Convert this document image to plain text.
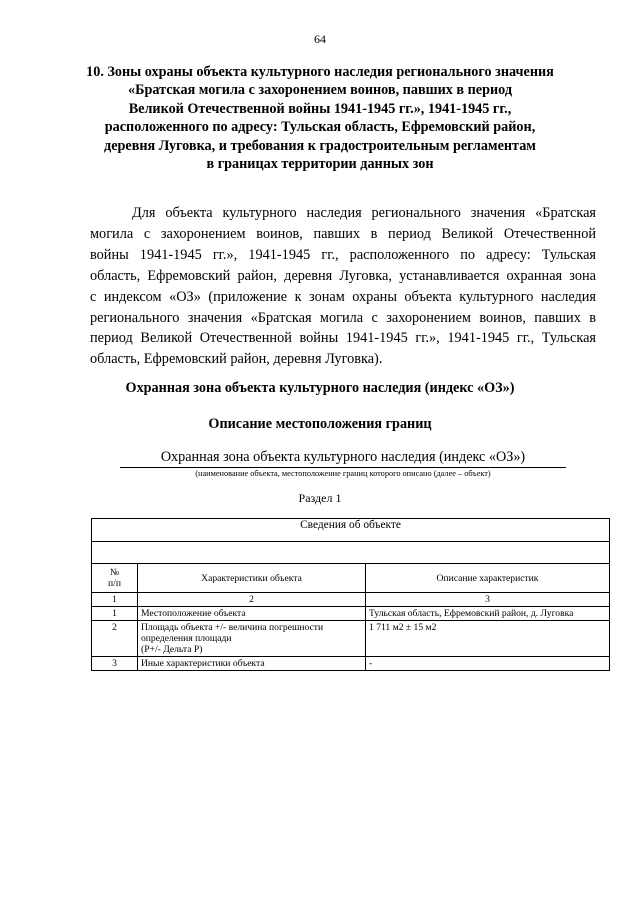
64
10. Зоны охраны объекта культурного наследия регионального значения
«Братская могила с захоронением воинов, павших в период
Великой Отечественной войны 1941-1945 гг.», 1941-1945 гг.,
расположенного по адресу: Тульская область, Ефремовский район,
деревня Луговка, и требования к градостроительным регламентам
в границах территории данных зон

Для объекта культурного наследия регионального значения «Братская
могила с захоронением воинов, павших в период Великой Отечественной
войны 1941-1945 гг.», 1941-1945 гг., расположенного по адресу: Тульская
область, Ефремовский район, деревня Луговка, устанавливается охранная зона
с индексом «ОЗ» (приложение к зонам охраны объекта культурного наследия
регионального значения «Братская могила с захоронением воинов, павших в
период Великой Отечественной войны 1941-1945 гг.», 1941-1945 гг., Тульская
область, Ефремовский район, деревня Луговка).

Охранная зона объекта культурного наследия (индекс «ОЗ»)
Описание местоположения границ
Охранная зона объекта культурного наследия (индекс «ОЗ»)
(наименование объекта, местоположение границ которого описано (далее – объект)
Раздел 1
Сведения об объекте		

№
п/п	Характеристики объекта	Описание характеристик
1	2	3
1	Местоположение объекта	Тульская область, Ефремовский район, д. Луговка
2	Площадь объекта +/- величина погрешности
определения площади
(P+/- Дельта P)	1 711 м2 ± 15 м2
3	Иные характеристики объекта	-
